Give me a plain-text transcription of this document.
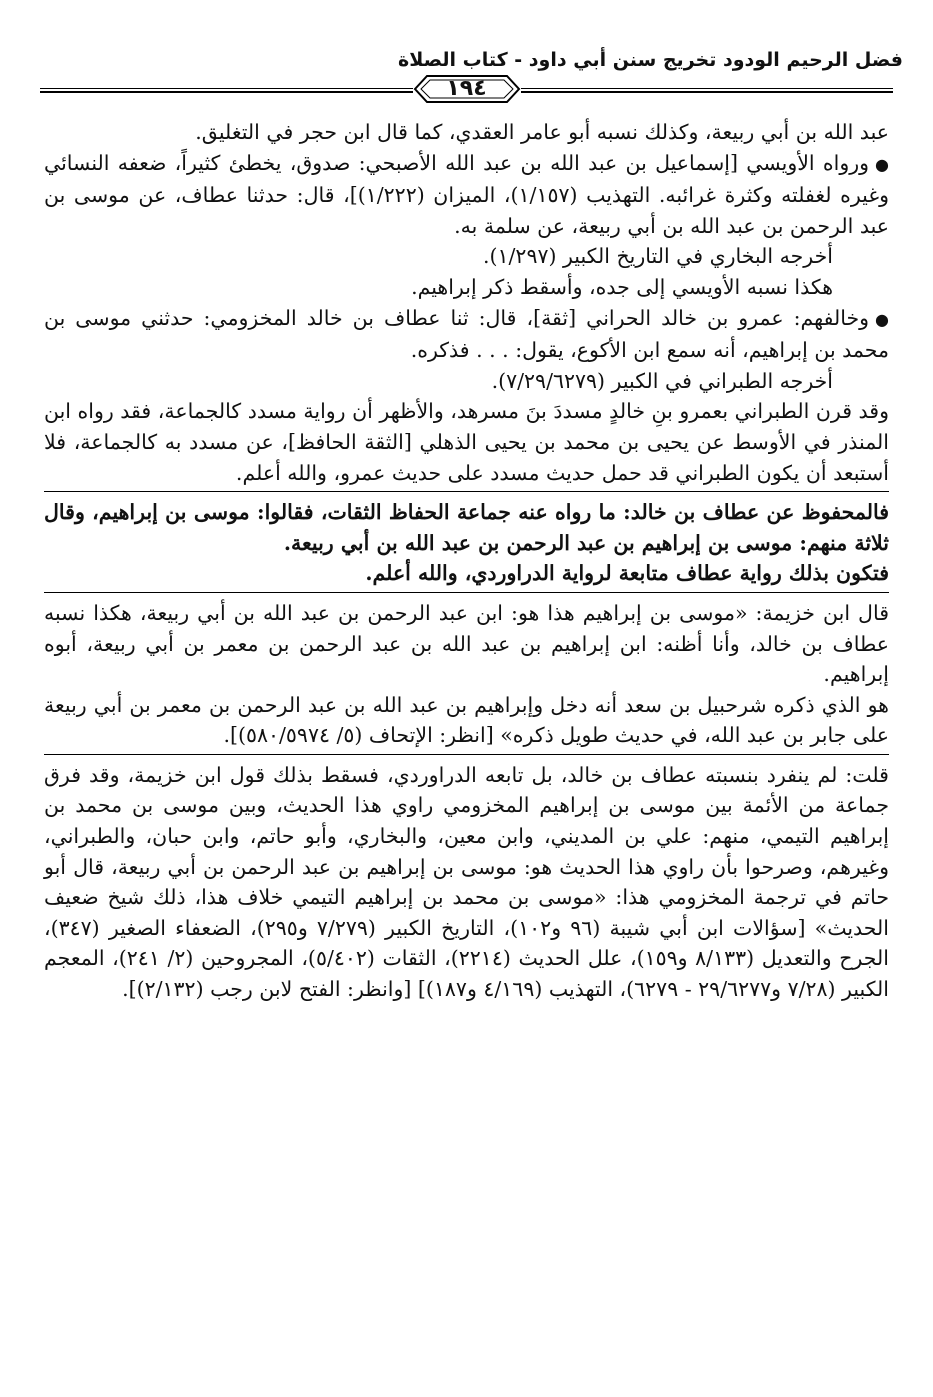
فضل الرحيم الودود تخريج سنن أبي داود - كتاب الصلاة
١٩٤

عبد الله بن أبي ربيعة، وكذلك نسبه أبو عامر العقدي، كما قال ابن حجر في التغليق.

●ورواه الأويسي [إسماعيل بن عبد الله بن عبد الله الأصبحي: صدوق، يخطئ كثيراً، ضعفه النسائي وغيره لغفلته وكثرة غرائبه. التهذيب (١/١٥٧)، الميزان (١/٢٢٢)]، قال: حدثنا عطاف، عن موسى بن عبد الرحمن بن عبد الله بن أبي ربيعة، عن سلمة به.

أخرجه البخاري في التاريخ الكبير (١/٢٩٧).

هكذا نسبه الأويسي إلى جده، وأسقط ذكر إبراهيم.

●وخالفهم: عمرو بن خالد الحراني [ثقة]، قال: ثنا عطاف بن خالد المخزومي: حدثني موسى بن محمد بن إبراهيم، أنه سمع ابن الأكوع، يقول: . . . فذكره.

أخرجه الطبراني في الكبير (٧/٢٩/٦٢٧٩).

وقد قرن الطبراني بعمرو بنِ خالدٍ مسددَ بنَ مسرهد، والأظهر أن رواية مسدد كالجماعة، فقد رواه ابن المنذر في الأوسط عن يحيى بن محمد بن يحيى الذهلي [الثقة الحافظ]، عن مسدد به كالجماعة، فلا أستبعد أن يكون الطبراني قد حمل حديث مسدد على حديث عمرو، والله أعلم.

فالمحفوظ عن عطاف بن خالد: ما رواه عنه جماعة الحفاظ الثقات، فقالوا: موسى بن إبراهيم، وقال ثلاثة منهم: موسى بن إبراهيم بن عبد الرحمن بن عبد الله بن أبي ربيعة.

فتكون بذلك رواية عطاف متابعة لرواية الدراوردي، والله أعلم.

قال ابن خزيمة: «موسى بن إبراهيم هذا هو: ابن عبد الرحمن بن عبد الله بن أبي ربيعة، هكذا نسبه عطاف بن خالد، وأنا أظنه: ابن إبراهيم بن عبد الله بن عبد الرحمن بن معمر بن أبي ربيعة، أبوه إبراهيم.

هو الذي ذكره شرحبيل بن سعد أنه دخل وإبراهيم بن عبد الله بن عبد الرحمن بن معمر بن أبي ربيعة على جابر بن عبد الله، في حديث طويل ذكره» [انظر: الإتحاف (٥/ ٥٨٠/٥٩٧٤)].

قلت: لم ينفرد بنسبته عطاف بن خالد، بل تابعه الدراوردي، فسقط بذلك قول ابن خزيمة، وقد فرق جماعة من الأئمة بين موسى بن إبراهيم المخزومي راوي هذا الحديث، وبين موسى بن محمد بن إبراهيم التيمي، منهم: علي بن المديني، وابن معين، والبخاري، وأبو حاتم، وابن حبان، والطبراني، وغيرهم، وصرحوا بأن راوي هذا الحديث هو: موسى بن إبراهيم بن عبد الرحمن بن أبي ربيعة، قال أبو حاتم في ترجمة المخزومي هذا: «موسى بن محمد بن إبراهيم التيمي خلاف هذا، ذلك شيخ ضعيف الحديث» [سؤالات ابن أبي شيبة (٩٦ و١٠٢)، التاريخ الكبير (٧/٢٧٩ و٢٩٥)، الضعفاء الصغير (٣٤٧)، الجرح والتعديل (٨/١٣٣ و١٥٩)، علل الحديث (٢٢١٤)، الثقات (٥/٤٠٢)، المجروحين (٢/ ٢٤١)، المعجم الكبير (٧/٢٨ و٢٩/٦٢٧٧ - ٦٢٧٩)، التهذيب (٤/١٦٩ و١٨٧)] [وانظر: الفتح لابن رجب (٢/١٣٢)].
